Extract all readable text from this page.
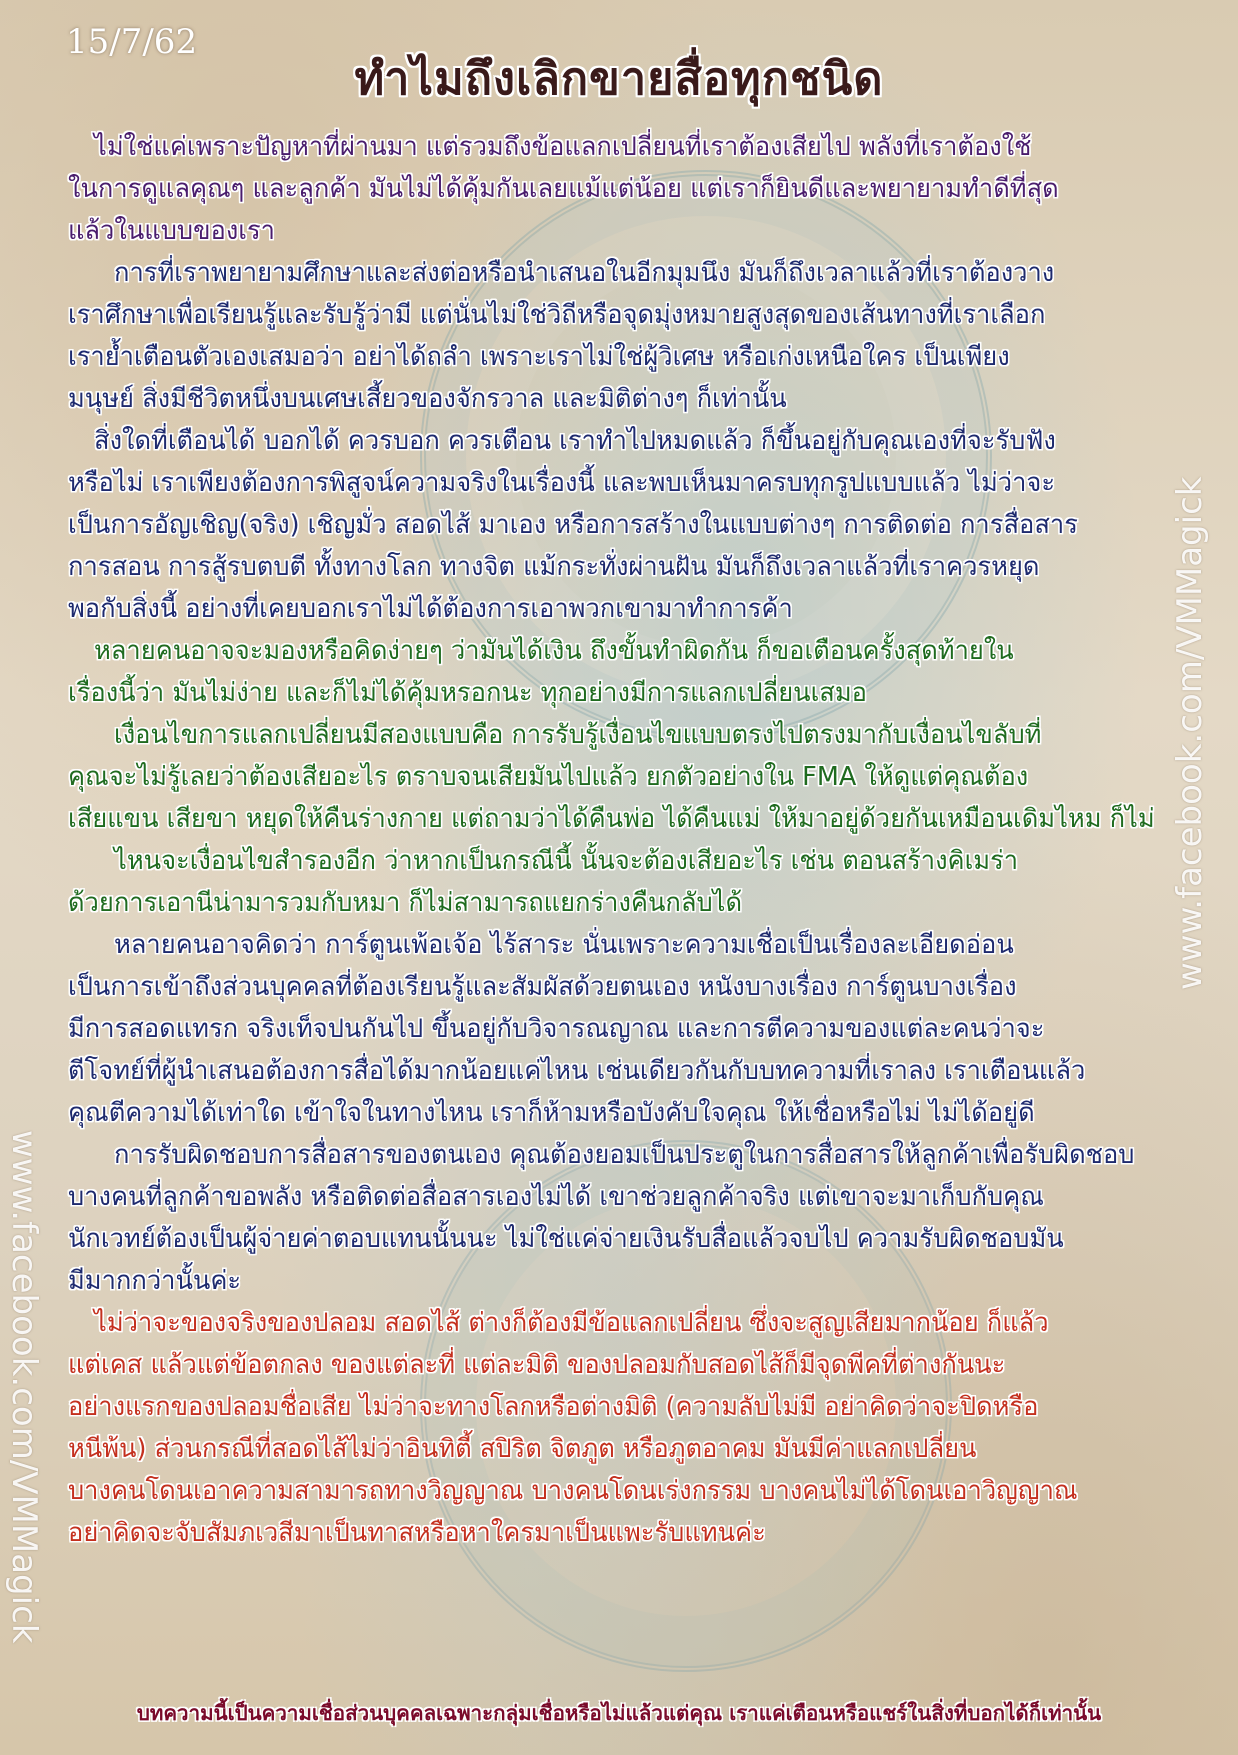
15/7/62
ทำไมถึงเลิกขายสื่อทุกชนิด
www.facebook.com/VMMagick
www.facebook.com/VMMagick

ไม่ใช่แค่เพราะปัญหาที่ผ่านมา แต่รวมถึงข้อแลกเปลี่ยนที่เราต้องเสียไป พลังที่เราต้องใช้

ในการดูแลคุณๆ และลูกค้า มันไม่ได้คุ้มกันเลยแม้แต่น้อย แต่เราก็ยินดีและพยายามทำดีที่สุด

แล้วในแบบของเรา

การที่เราพยายามศึกษาและส่งต่อหรือนำเสนอในอีกมุมนึง มันก็ถึงเวลาแล้วที่เราต้องวาง

เราศึกษาเพื่อเรียนรู้และรับรู้ว่ามี แต่นั่นไม่ใช่วิถีหรือจุดมุ่งหมายสูงสุดของเส้นทางที่เราเลือก

เราย้ำเตือนตัวเองเสมอว่า อย่าได้ถลำ เพราะเราไม่ใช่ผู้วิเศษ หรือเก่งเหนือใคร เป็นเพียง

มนุษย์ สิ่งมีชีวิตหนึ่งบนเศษเสี้ยวของจักรวาล และมิติต่างๆ ก็เท่านั้น

สิ่งใดที่เตือนได้ บอกได้ ควรบอก ควรเตือน เราทำไปหมดแล้ว ก็ขึ้นอยู่กับคุณเองที่จะรับฟัง

หรือไม่ เราเพียงต้องการพิสูจน์ความจริงในเรื่องนี้ และพบเห็นมาครบทุกรูปแบบแล้ว ไม่ว่าจะ

เป็นการอัญเชิญ(จริง) เชิญมั่ว สอดไส้ มาเอง หรือการสร้างในแบบต่างๆ การติดต่อ การสื่อสาร

การสอน การสู้รบตบตี ทั้งทางโลก ทางจิต แม้กระทั่งผ่านฝัน มันก็ถึงเวลาแล้วที่เราควรหยุด

พอกับสิ่งนี้ อย่างที่เคยบอกเราไม่ได้ต้องการเอาพวกเขามาทำการค้า

หลายคนอาจจะมองหรือคิดง่ายๆ ว่ามันได้เงิน ถึงขั้นทำผิดกัน ก็ขอเตือนครั้งสุดท้ายใน

เรื่องนี้ว่า มันไม่ง่าย และก็ไม่ได้คุ้มหรอกนะ ทุกอย่างมีการแลกเปลี่ยนเสมอ

เงื่อนไขการแลกเปลี่ยนมีสองแบบคือ การรับรู้เงื่อนไขแบบตรงไปตรงมากับเงื่อนไขลับที่

คุณจะไม่รู้เลยว่าต้องเสียอะไร ตราบจนเสียมันไปแล้ว ยกตัวอย่างใน FMA ให้ดูแต่คุณต้อง

เสียแขน เสียขา หยุดให้คืนร่างกาย แต่ถามว่าได้คืนพ่อ ได้คืนแม่ ให้มาอยู่ด้วยกันเหมือนเดิมไหม ก็ไม่

ไหนจะเงื่อนไขสำรองอีก ว่าหากเป็นกรณีนี้ นั้นจะต้องเสียอะไร เช่น ตอนสร้างคิเมร่า

ด้วยการเอานีน่ามารวมกับหมา ก็ไม่สามารถแยกร่างคืนกลับได้

หลายคนอาจคิดว่า การ์ตูนเพ้อเจ้อ ไร้สาระ นั่นเพราะความเชื่อเป็นเรื่องละเอียดอ่อน

เป็นการเข้าถึงส่วนบุคคลที่ต้องเรียนรู้และสัมผัสด้วยตนเอง หนังบางเรื่อง การ์ตูนบางเรื่อง

มีการสอดแทรก จริงเท็จปนกันไป ขึ้นอยู่กับวิจารณญาณ และการตีความของแต่ละคนว่าจะ

ตีโจทย์ที่ผู้นำเสนอต้องการสื่อได้มากน้อยแค่ไหน เช่นเดียวกันกับบทความที่เราลง เราเตือนแล้ว

คุณตีความได้เท่าใด เข้าใจในทางไหน เราก็ห้ามหรือบังคับใจคุณ ให้เชื่อหรือไม่ ไม่ได้อยู่ดี

การรับผิดชอบการสื่อสารของตนเอง คุณต้องยอมเป็นประตูในการสื่อสารให้ลูกค้าเพื่อรับผิดชอบ

บางคนที่ลูกค้าขอพลัง หรือติดต่อสื่อสารเองไม่ได้ เขาช่วยลูกค้าจริง แต่เขาจะมาเก็บกับคุณ

นักเวทย์ต้องเป็นผู้จ่ายค่าตอบแทนนั้นนะ ไม่ใช่แค่จ่ายเงินรับสื่อแล้วจบไป ความรับผิดชอบมัน

มีมากกว่านั้นค่ะ

ไม่ว่าจะของจริงของปลอม สอดไส้ ต่างก็ต้องมีข้อแลกเปลี่ยน ซึ่งจะสูญเสียมากน้อย ก็แล้ว

แต่เคส แล้วแต่ข้อตกลง ของแต่ละที่ แต่ละมิติ ของปลอมกับสอดไส้ก็มีจุดพีคที่ต่างกันนะ

อย่างแรกของปลอมชื่อเสีย ไม่ว่าจะทางโลกหรือต่างมิติ (ความลับไม่มี อย่าคิดว่าจะปิดหรือ

หนีพ้น) ส่วนกรณีที่สอดไส้ไม่ว่าอินทิตี้ สปิริต จิตภูต หรือภูตอาคม มันมีค่าแลกเปลี่ยน

บางคนโดนเอาความสามารถทางวิญญาณ บางคนโดนเร่งกรรม บางคนไม่ได้โดนเอาวิญญาณ

อย่าคิดจะจับสัมภเวสีมาเป็นทาสหรือหาใครมาเป็นแพะรับแทนค่ะ

บทความนี้เป็นความเชื่อส่วนบุคคลเฉพาะกลุ่มเชื่อหรือไม่แล้วแต่คุณ เราแค่เตือนหรือแชร์ในสิ่งที่บอกได้ก็เท่านั้น
